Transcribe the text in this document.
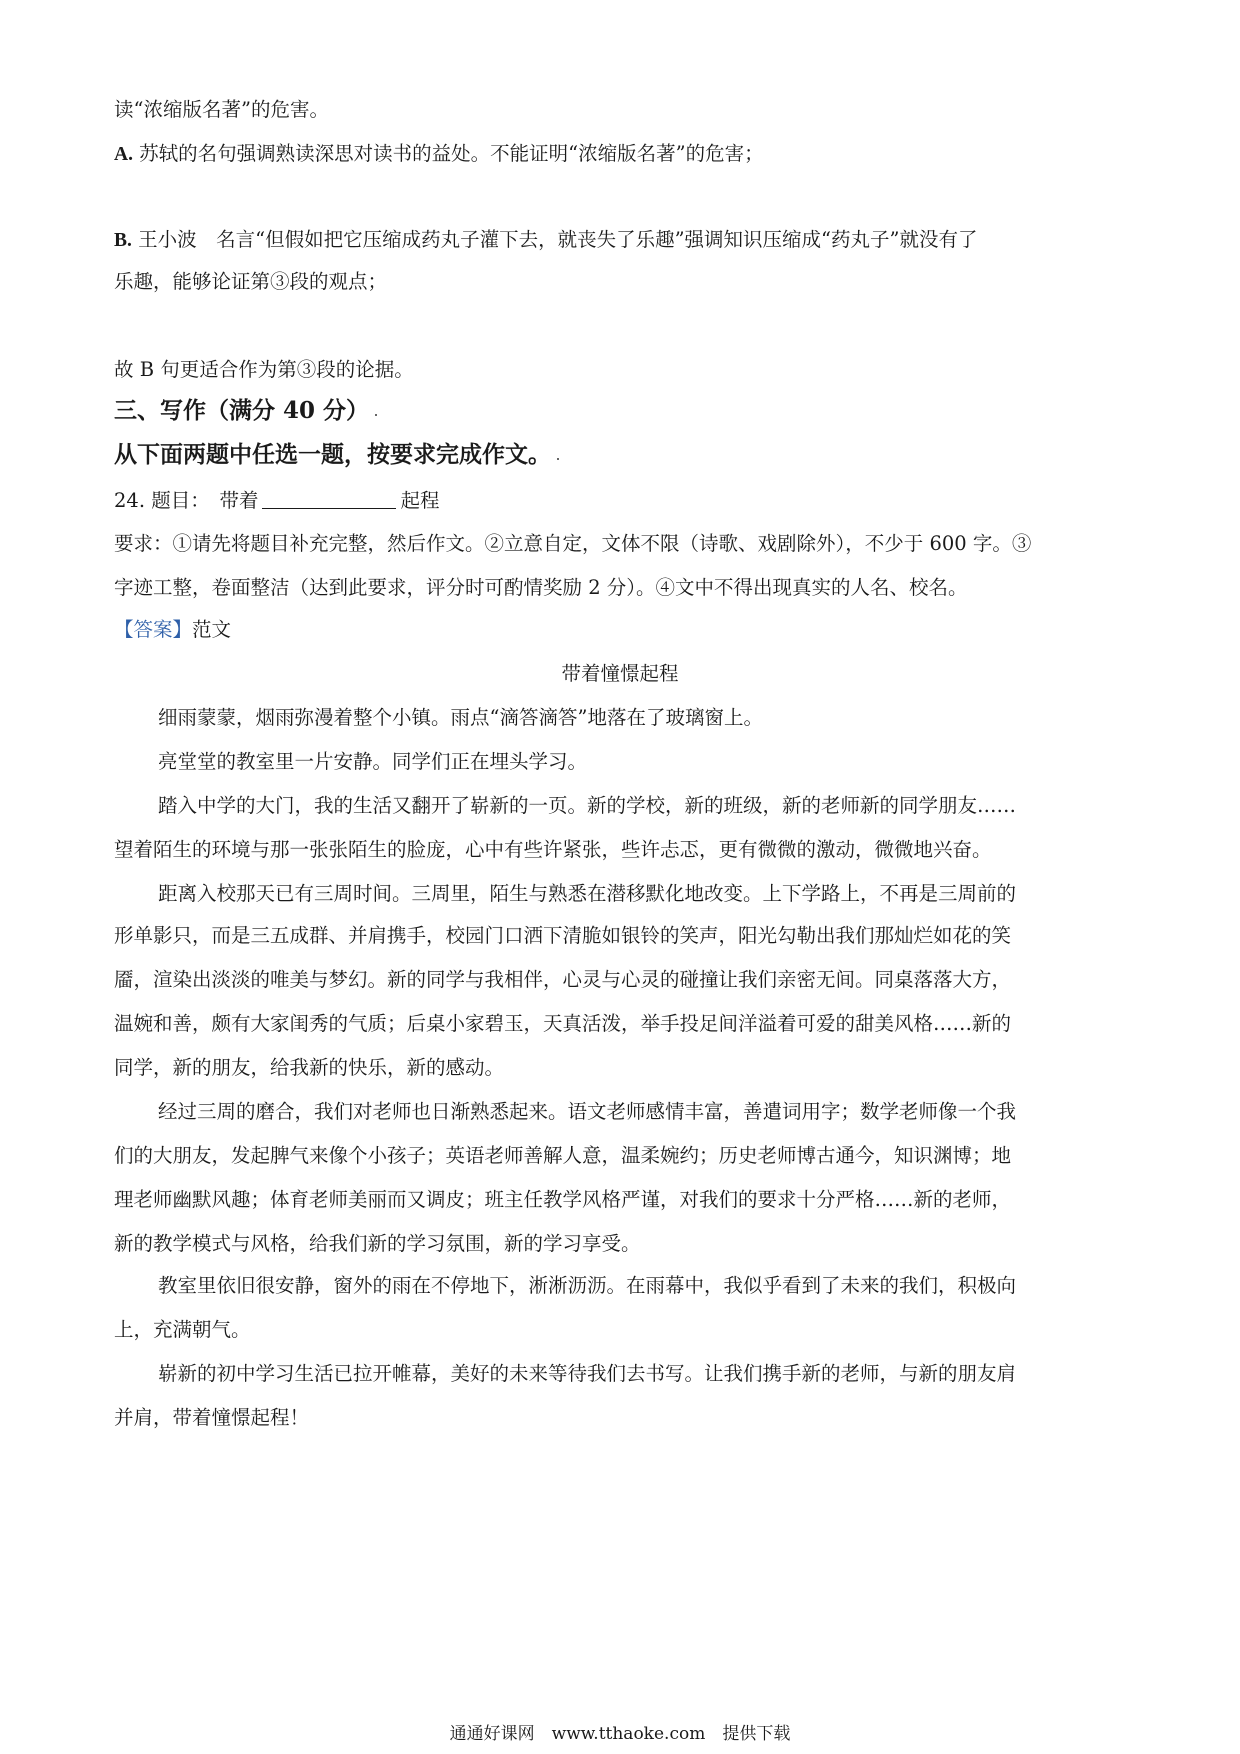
读“浓缩版名著”的危害。
A. 苏轼的名句强调熟读深思对读书的益处。不能证明“浓缩版名著”的危害；
B. 王小波　名言“但假如把它压缩成药丸子灌下去，就丧失了乐趣”强调知识压缩成“药丸子”就没有了
乐趣，能够论证第③段的观点；
故 B 句更适合作为第③段的论据。
三、写作（满分 40 分）
从下面两题中任选一题，按要求完成作文。
24. 题目：　带着	起程
要求：①请先将题目补充完整，然后作文。②立意自定，文体不限（诗歌、戏剧除外），不少于 600 字。③
字迹工整，卷面整洁（达到此要求，评分时可酌情奖励 2 分）。④文中不得出现真实的人名、校名。
【答案】范文
带着憧憬起程
细雨蒙蒙，烟雨弥漫着整个小镇。雨点“滴答滴答”地落在了玻璃窗上。
亮堂堂的教室里一片安静。同学们正在埋头学习。
踏入中学的大门，我的生活又翻开了崭新的一页。新的学校，新的班级，新的老师新的同学朋友……
望着陌生的环境与那一张张陌生的脸庞，心中有些许紧张，些许忐忑，更有微微的激动，微微地兴奋。
距离入校那天已有三周时间。三周里，陌生与熟悉在潜移默化地改变。上下学路上，不再是三周前的
形单影只，而是三五成群、并肩携手，校园门口洒下清脆如银铃的笑声，阳光勾勒出我们那灿烂如花的笑
靥，渲染出淡淡的唯美与梦幻。新的同学与我相伴，心灵与心灵的碰撞让我们亲密无间。同桌落落大方，
温婉和善，颇有大家闺秀的气质；后桌小家碧玉，天真活泼，举手投足间洋溢着可爱的甜美风格……新的
同学，新的朋友，给我新的快乐，新的感动。
经过三周的磨合，我们对老师也日渐熟悉起来。语文老师感情丰富，善遣词用字；数学老师像一个我
们的大朋友，发起脾气来像个小孩子；英语老师善解人意，温柔婉约；历史老师博古通今，知识渊博；地
理老师幽默风趣；体育老师美丽而又调皮；班主任教学风格严谨，对我们的要求十分严格……新的老师，
新的教学模式与风格，给我们新的学习氛围，新的学习享受。
教室里依旧很安静，窗外的雨在不停地下，淅淅沥沥。在雨幕中，我似乎看到了未来的我们，积极向
上，充满朝气。
崭新的初中学习生活已拉开帷幕，美好的未来等待我们去书写。让我们携手新的老师，与新的朋友肩
并肩，带着憧憬起程！
通通好课网　www.tthaoke.com　提供下载
